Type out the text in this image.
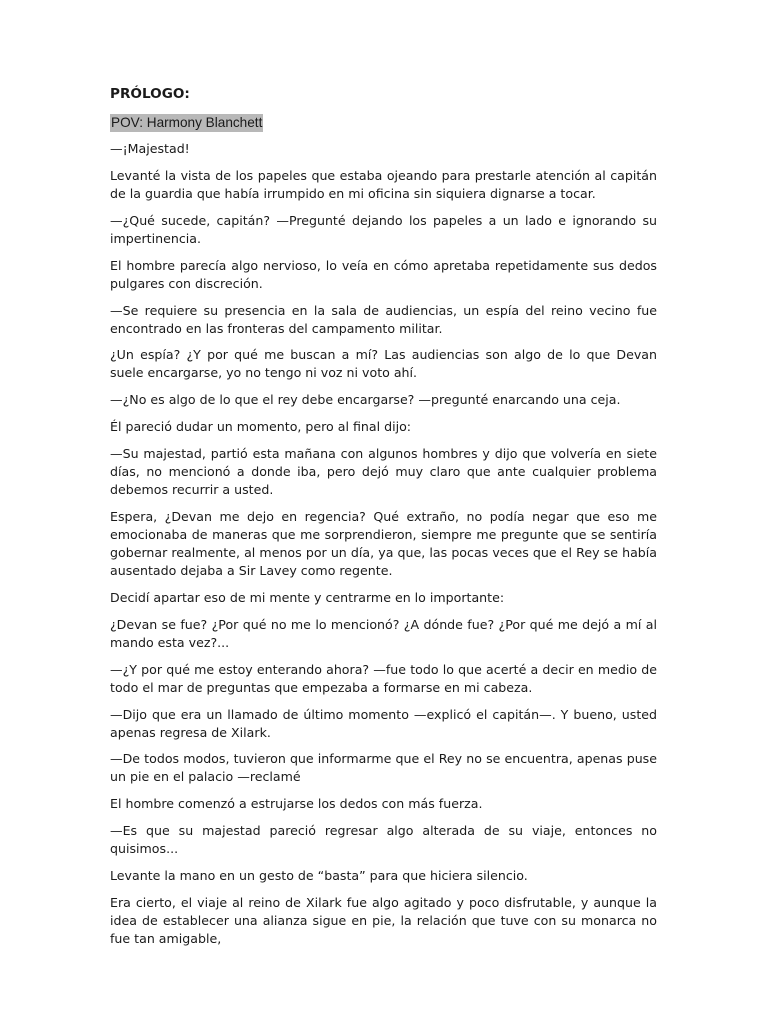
PRÓLOGO:
POV: Harmony Blanchett

—¡Majestad!

Levanté la vista de los papeles que estaba ojeando para prestarle atención al capitán de la guardia que había irrumpido en mi oficina sin siquiera dignarse a tocar.

—¿Qué sucede, capitán? —Pregunté dejando los papeles a un lado e ignorando su impertinencia.

El hombre parecía algo nervioso, lo veía en cómo apretaba repetidamente sus dedos pulgares con discreción.

—Se requiere su presencia en la sala de audiencias, un espía del reino vecino fue encontrado en las fronteras del campamento militar.

¿Un espía? ¿Y por qué me buscan a mí? Las audiencias son algo de lo que Devan suele encargarse, yo no tengo ni voz ni voto ahí.

—¿No es algo de lo que el rey debe encargarse? —pregunté enarcando una ceja.

Él pareció dudar un momento, pero al final dijo:

—Su majestad, partió esta mañana con algunos hombres y dijo que volvería en siete días, no mencionó a donde iba, pero dejó muy claro que ante cualquier problema debemos recurrir a usted.

Espera, ¿Devan me dejo en regencia? Qué extraño, no podía negar que eso me emocionaba de maneras que me sorprendieron, siempre me pregunte que se sentiría gobernar realmente, al menos por un día, ya que, las pocas veces que el Rey se había ausentado dejaba a Sir Lavey como regente.

Decidí apartar eso de mi mente y centrarme en lo importante:

¿Devan se fue? ¿Por qué no me lo mencionó? ¿A dónde fue? ¿Por qué me dejó a mí al mando esta vez?...

—¿Y por qué me estoy enterando ahora? —fue todo lo que acerté a decir en medio de todo el mar de preguntas que empezaba a formarse en mi cabeza.

—Dijo que era un llamado de último momento —explicó el capitán—. Y bueno, usted apenas regresa de Xilark.

—De todos modos, tuvieron que informarme que el Rey no se encuentra, apenas puse un pie en el palacio —reclamé

El hombre comenzó a estrujarse los dedos con más fuerza.

—Es que su majestad pareció regresar algo alterada de su viaje, entonces no quisimos...

Levante la mano en un gesto de “basta” para que hiciera silencio.

Era cierto, el viaje al reino de Xilark fue algo agitado y poco disfrutable, y aunque la idea de establecer una alianza sigue en pie, la relación que tuve con su monarca no fue tan amigable,
